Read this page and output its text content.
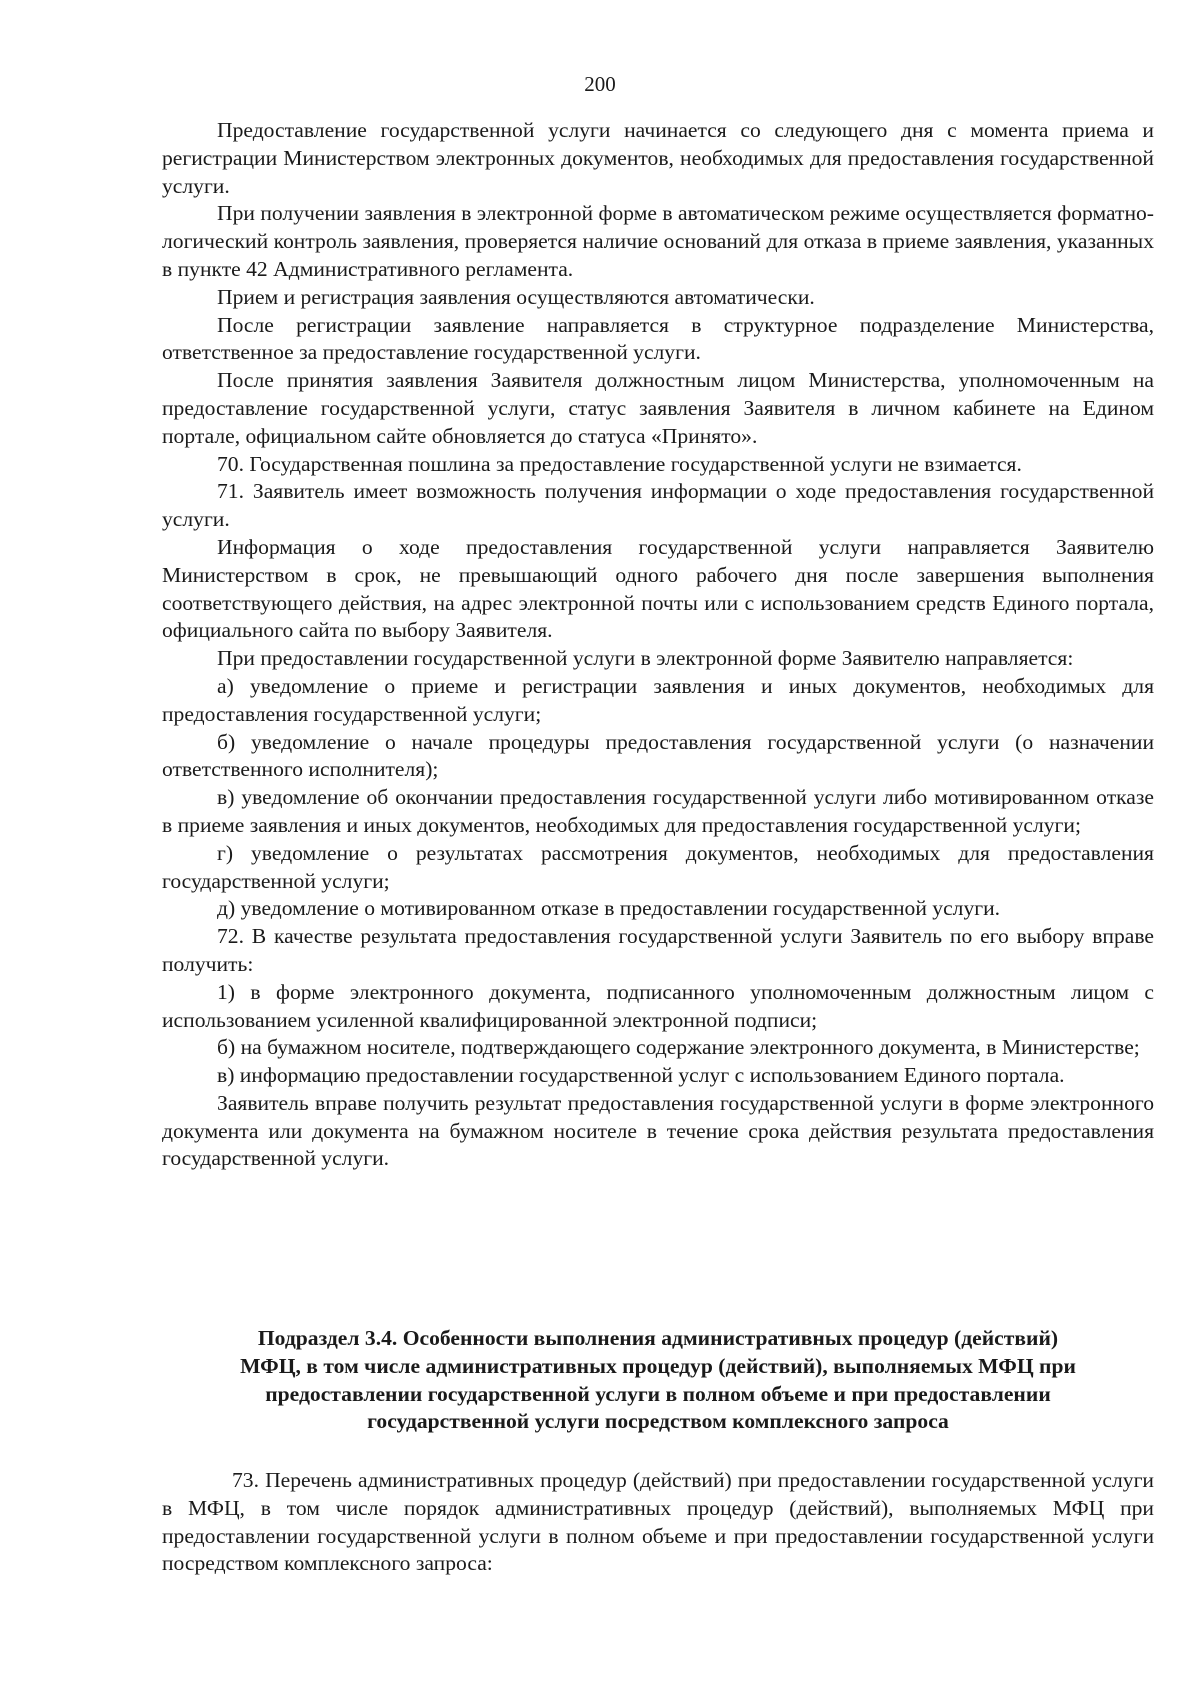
200

Предоставление государственной услуги начинается со следующего дня с момента приема и регистрации Министерством электронных документов, необходимых для предоставления государственной услуги.

При получении заявления в электронной форме в автоматическом режиме осуществляется форматно-логический контроль заявления, проверяется наличие оснований для отказа в приеме заявления, указанных в пункте 42 Административного регламента.

Прием и регистрация заявления осуществляются автоматически.

После регистрации заявление направляется в структурное подразделение Министерства, ответственное за предоставление государственной услуги.

После принятия заявления Заявителя должностным лицом Министерства, уполномоченным на предоставление государственной услуги, статус заявления Заявителя в личном кабинете на Едином портале, официальном сайте обновляется до статуса «Принято».

70. Государственная пошлина за предоставление государственной услуги не взимается.

71. Заявитель имеет возможность получения информации о ходе предоставления государственной услуги.

Информация о ходе предоставления государственной услуги направляется Заявителю Министерством в срок, не превышающий одного рабочего дня после завершения выполнения соответствующего действия, на адрес электронной почты или с использованием средств Единого портала, официального сайта по выбору Заявителя.

При предоставлении государственной услуги в электронной форме Заявителю направляется:

а) уведомление о приеме и регистрации заявления и иных документов, необходимых для предоставления государственной услуги;

б) уведомление о начале процедуры предоставления государственной услуги (о назначении ответственного исполнителя);

в) уведомление об окончании предоставления государственной услуги либо мотивированном отказе в приеме заявления и иных документов, необходимых для предоставления государственной услуги;

г) уведомление о результатах рассмотрения документов, необходимых для предоставления государственной услуги;

д) уведомление о мотивированном отказе в предоставлении государственной услуги.

72. В качестве результата предоставления государственной услуги Заявитель по его выбору вправе получить:

1) в форме электронного документа, подписанного уполномоченным должностным лицом с использованием усиленной квалифицированной электронной подписи;

б) на бумажном носителе, подтверждающего содержание электронного документа, в Министерстве;

в) информацию предоставлении государственной услуг с использованием Единого портала.

Заявитель вправе получить результат предоставления государственной услуги в форме электронного документа или документа на бумажном носителе в течение срока действия результата предоставления государственной услуги.

Подраздел 3.4. Особенности выполнения административных процедур (действий)
МФЦ, в том числе административных процедур (действий), выполняемых МФЦ при
предоставлении государственной услуги в полном объеме и при предоставлении
государственной услуги посредством комплексного запроса

73. Перечень административных процедур (действий) при предоставлении государственной услуги в МФЦ, в том числе порядок административных процедур (действий), выполняемых МФЦ при предоставлении государственной услуги в полном объеме и при предоставлении государственной услуги посредством комплексного запроса:
